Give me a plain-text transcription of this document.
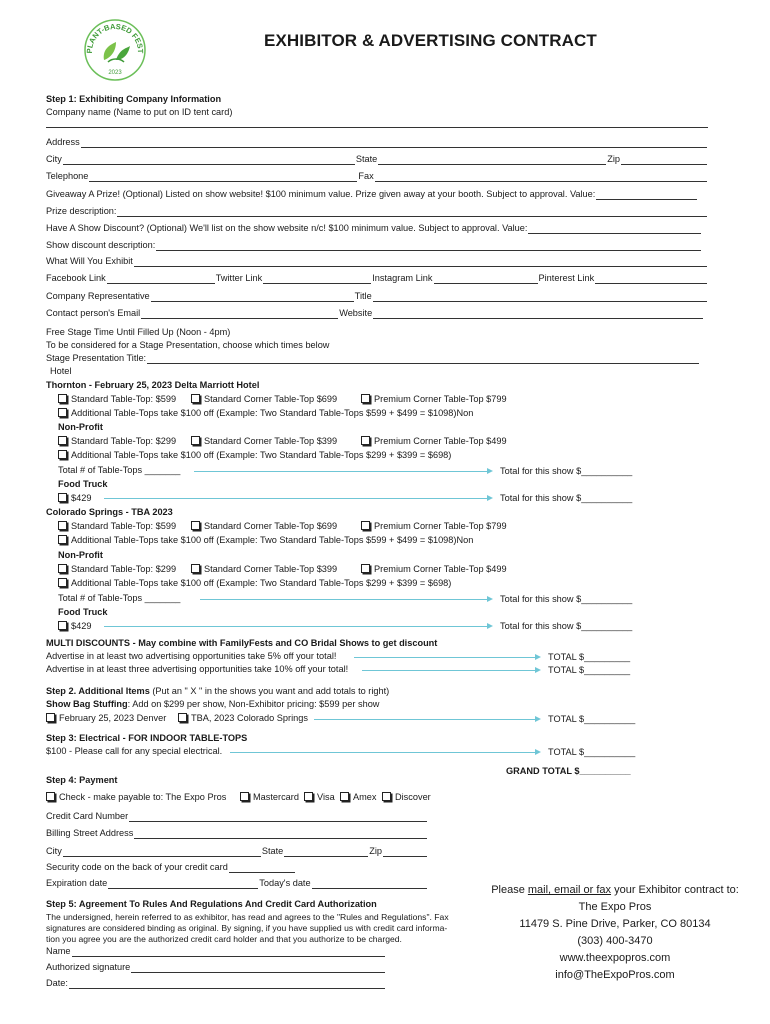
PLANT-BASED FEST
2023
EXHIBITOR & ADVERTISING CONTRACT
Step 1: Exhibiting Company Information
Company name (Name to put on ID tent card)
Address
City	State	Zip
Telephone	Fax
Giveaway A Prize! (Optional) Listed on show website! $100 minimum value. Prize given away at your booth. Subject to approval. Value:
Prize description:
Have A Show Discount? (Optional) We'll list on the show website n/c! $100 minimum value. Subject to approval. Value:
Show discount description:
What Will You Exhibit
Facebook Link	Twitter Link	Instagram Link	Pinterest Link
Company Representative	Title
Contact person's Email	Website
Free Stage Time Until Filled Up (Noon - 4pm)
To be considered for a Stage Presentation, choose which times below
Stage Presentation Title:
Hotel
Thornton - February 25, 2023 Delta Marriott Hotel
Standard Table-Top: $599	Standard Corner Table-Top $699	Premium Corner Table-Top $799
Additional Table-Tops take $100 off (Example: Two Standard Table-Tops $599 + $499 = $1098)Non
Non-Profit
Standard Table-Top: $299	Standard Corner Table-Top $399	Premium Corner Table-Top $499
Additional Table-Tops take $100 off (Example: Two Standard Table-Tops $299 + $399 = $698)
Total # of Table-Tops _______	Total for this show $__________
Food Truck
$429	Total for this show $__________
Colorado Springs - TBA 2023
Standard Table-Top: $599	Standard Corner Table-Top $699	Premium Corner Table-Top $799
Additional Table-Tops take $100 off (Example: Two Standard Table-Tops $599 + $499 = $1098)Non
Non-Profit
Standard Table-Top: $299	Standard Corner Table-Top $399	Premium Corner Table-Top $499
Additional Table-Tops take $100 off (Example: Two Standard Table-Tops $299 + $399 = $698)
Total # of Table-Tops _______	Total for this show $__________
Food Truck
$429	Total for this show $__________
MULTI DISCOUNTS - May combine with FamilyFests and CO Bridal Shows to get discount
Advertise in at least two advertising opportunities take 5% off your total!	TOTAL $_________
Advertise in at least three advertising opportunities take 10% off your total!	TOTAL $_________
Step 2. Additional Items (Put an " X " in the shows you want and add totals to right)
Show Bag Stuffing: Add on $299 per show, Non-Exhibitor pricing: $599 per show
February 25, 2023 Denver	TBA, 2023 Colorado Springs	TOTAL $__________
Step 3: Electrical - FOR INDOOR TABLE-TOPS
$100 - Please call for any special electrical.	TOTAL $__________
GRAND TOTAL $__________
Step 4: Payment
Check - make payable to: The Expo Pros	Mastercard	Visa	Amex	Discover
Credit Card Number
Billing Street Address
City	State	Zip
Security code on the back of your credit card
Expiration date	Today's date
Step 5: Agreement To Rules And Regulations And Credit Card Authorization
The undersigned, herein referred to as exhibitor, has read and agrees to the "Rules and Regulations". Fax
signatures are considered binding as original. By signing, if you have supplied us with credit card informa-
tion you agree you are the authorized credit card holder and that you authorize to be charged.
Name
Authorized signature
Date:
Please mail, email or fax your Exhibitor contract to:
The Expo Pros
11479 S. Pine Drive, Parker, CO 80134
(303) 400-3470
www.theexpopros.com
info@TheExpoPros.com
